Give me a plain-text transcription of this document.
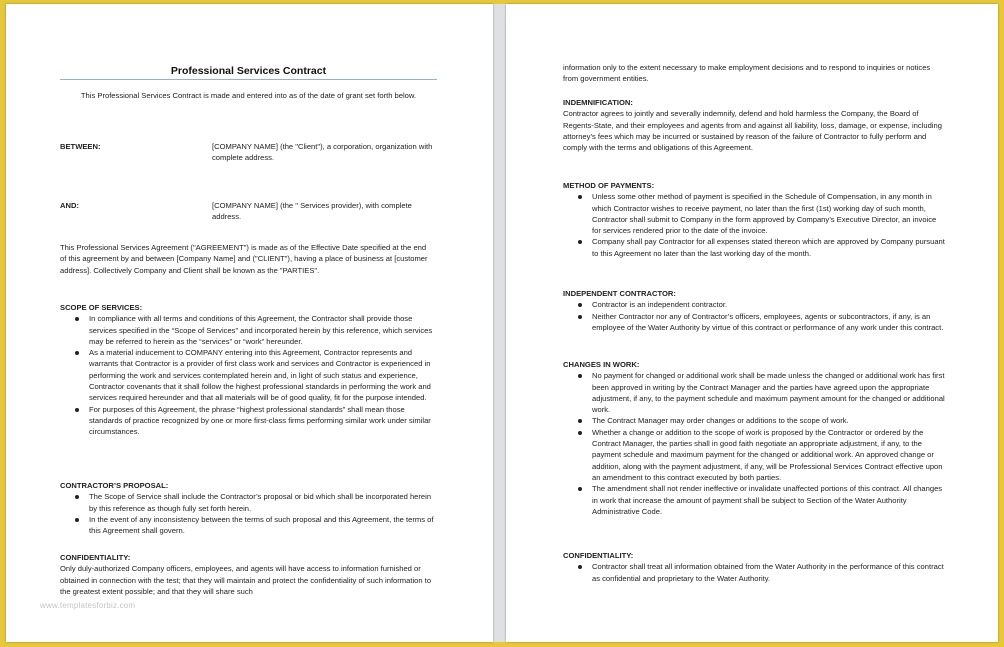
Professional Services Contract
This Professional Services Contract is made and entered into as of the date of grant set forth below.
BETWEEN:	[COMPANY NAME] (the "Client"), a corporation, organization with complete address.
AND:	[COMPANY NAME] (the " Services provider), with complete address.
This Professional Services Agreement ("AGREEMENT") is made as of the Effective Date specified at the end of this agreement by and between [Company Name] and ("CLIENT"), having a place of business at [customer address]. Collectively Company and Client shall be known as the "PARTIES".

SCOPE OF SERVICES:

In compliance with all terms and conditions of this Agreement, the Contractor shall provide those services specified in the “Scope of Services” and incorporated herein by this reference, which services may be referred to herein as the “services” or “work” hereunder.
As a material inducement to COMPANY entering into this Agreement, Contractor represents and warrants that Contractor is a provider of first class work and services and Contractor is experienced in performing the work and services contemplated herein and, in light of such status and experience, Contractor covenants that it shall follow the highest professional standards in performing the work and services required hereunder and that all materials will be of good quality, fit for the purpose intended.
For purposes of this Agreement, the phrase “highest professional standards” shall mean those standards of practice recognized by one or more first-class firms performing similar work under similar circumstances.

CONTRACTOR’S PROPOSAL:

The Scope of Service shall include the Contractor’s proposal or bid which shall be incorporated herein by this reference as though fully set forth herein.
In the event of any inconsistency between the terms of such proposal and this Agreement, the terms of this Agreement shall govern.

CONFIDENTIALITY:

Only duly-authorized Company officers, employees, and agents will have access to information furnished or obtained in connection with the test; that they will maintain and protect the confidentiality of such information to the greatest extent possible; and that they will share such

www.templatesforbiz.com
information only to the extent necessary to make employment decisions and to respond to inquiries or notices from government entities.

INDEMNIFICATION:

Contractor agrees to jointly and severally indemnify, defend and hold harmless the Company, the Board of Regents-State, and their employees and agents from and against all liability, loss, damage, or expense, including attorney’s fees which may be incurred or sustained by reason of the failure of Contractor to fully perform and comply with the terms and obligations of this Agreement.

METHOD OF PAYMENTS:

Unless some other method of payment is specified in the Schedule of Compensation, in any month in which Contractor wishes to receive payment, no later than the first (1st) working day of such month, Contractor shall submit to Company in the form approved by Company’s Executive Director, an invoice for services rendered prior to the date of the invoice.
Company shall pay Contractor for all expenses stated thereon which are approved by Company pursuant to this Agreement no later than the last working day of the month.

INDEPENDENT CONTRACTOR:

Contractor is an independent contractor.
Neither Contractor nor any of Contractor’s officers, employees, agents or subcontractors, if any, is an employee of the Water Authority by virtue of this contract or performance of any work under this contract.

CHANGES IN WORK:

No payment for changed or additional work shall be made unless the changed or additional work has first been approved in writing by the Contract Manager and the parties have agreed upon the appropriate adjustment, if any, to the payment schedule and maximum payment amount for the changed or additional work.
The Contract Manager may order changes or additions to the scope of work.
Whether a change or addition to the scope of work is proposed by the Contractor or ordered by the Contract Manager, the parties shall in good faith negotiate an appropriate adjustment, if any, to the payment schedule and maximum payment for the changed or additional work. An approved change or addition, along with the payment adjustment, if any, will be Professional Services Contract effective upon an amendment to this contract executed by both parties.
The amendment shall not render ineffective or invalidate unaffected portions of this contract. All changes in work that increase the amount of payment shall be subject to Section of the Water Authority Administrative Code.

CONFIDENTIALITY:

Contractor shall treat all information obtained from the Water Authority in the performance of this contract as confidential and proprietary to the Water Authority.
